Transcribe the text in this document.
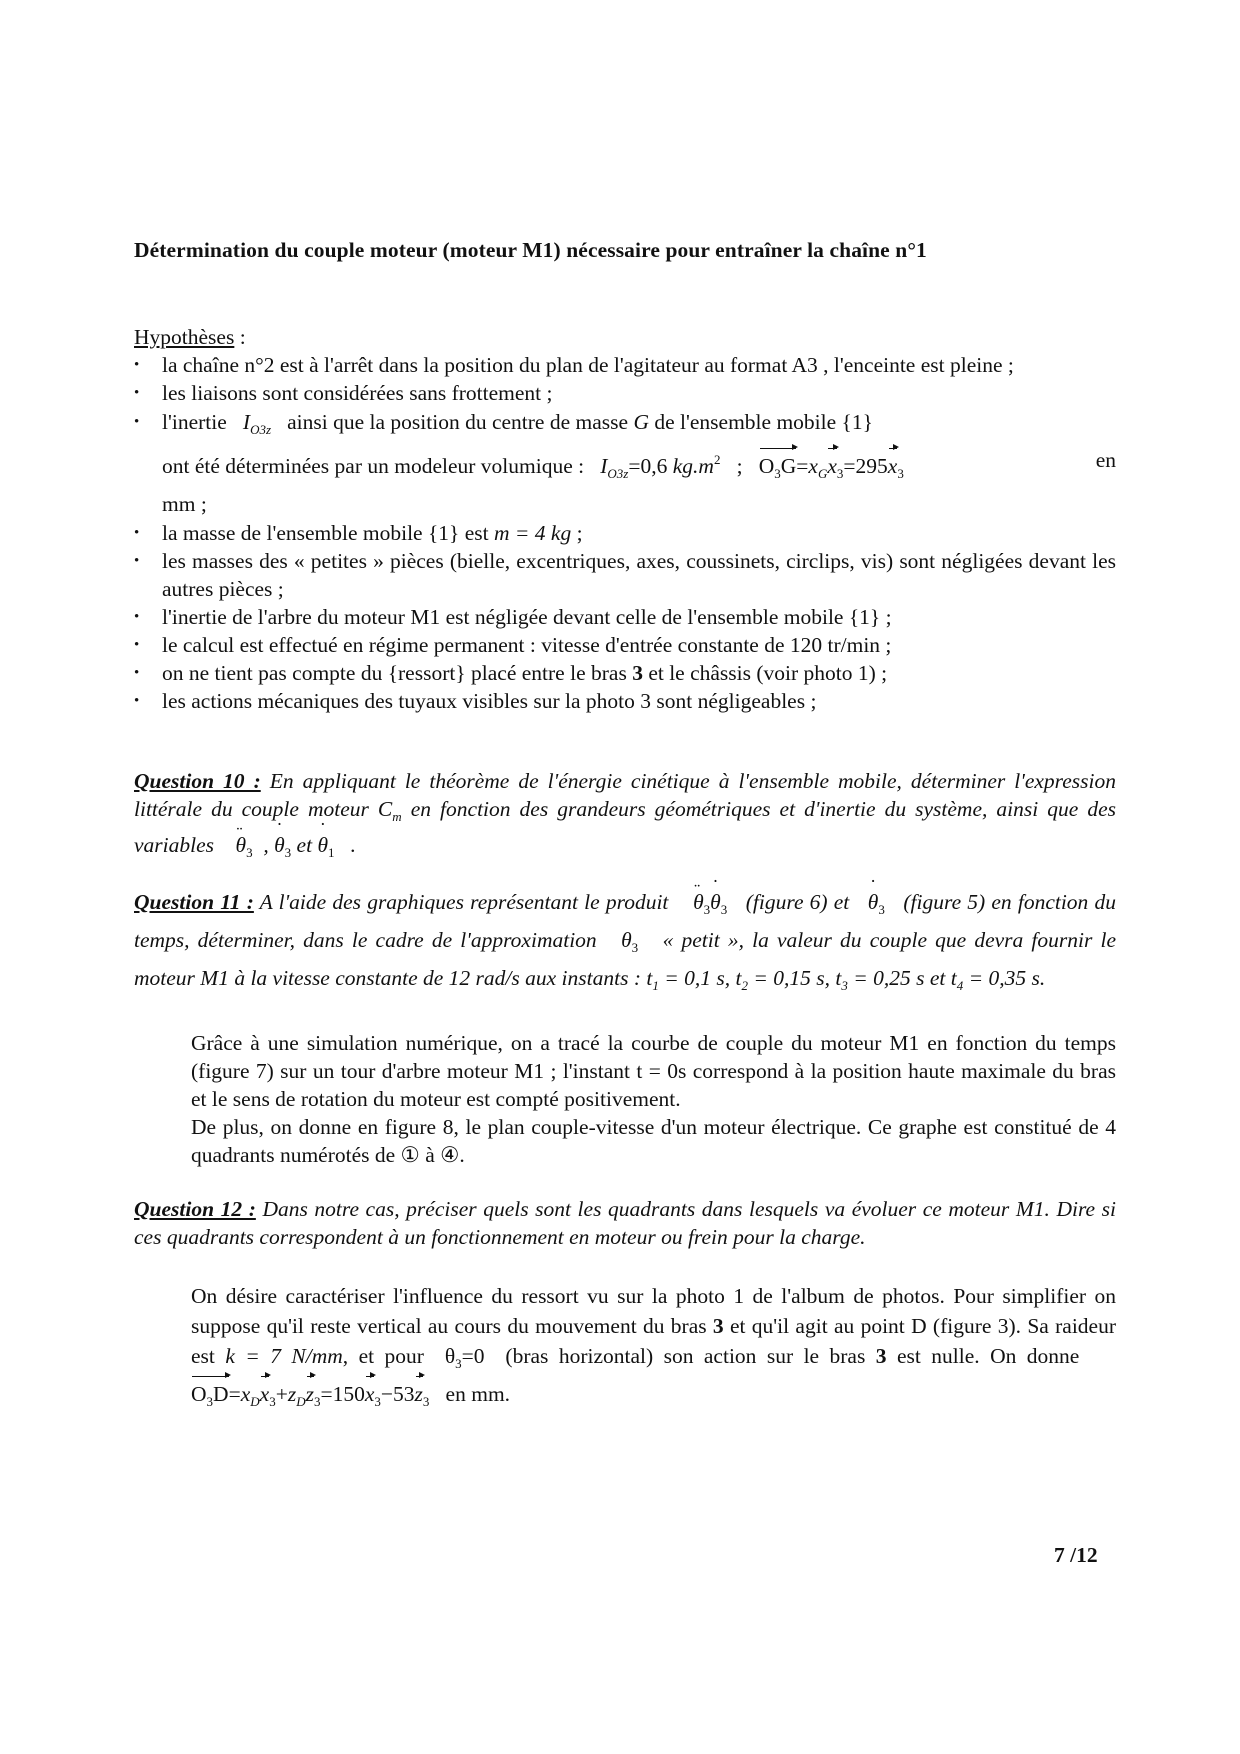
Détermination du couple moteur (moteur M1) nécessaire pour entraîner la chaîne n°1
Hypothèses :
• la chaîne n°2 est à l'arrêt dans la position du plan de l'agitateur au format A3 , l'enceinte est pleine ;
• les liaisons sont considérées sans frottement ;
• l'inertie $I_{O3z}$ ainsi que la position du centre de masse G de l'ensemble mobile {1}
ont été déterminées par un modeleur volumique : $I_{O3z}=0,6$ $kg.m^2$   ;   $O_3G=x_Gx_3=295x_3$
en

mm ;
• la masse de l'ensemble mobile {1} est m = 4 kg ;
• les masses des « petites » pièces (bielle, excentriques, axes, coussinets, circlips, vis) sont négligées devant les autres pièces ;
• l'inertie de l'arbre du moteur M1 est négligée devant celle de l'ensemble mobile {1} ;
• le calcul est effectué en régime permanent : vitesse d'entrée constante de 120 tr/min ;
• on ne tient pas compte du {ressort} placé entre le bras 3 et le châssis (voir photo 1) ;
• les actions mécaniques des tuyaux visibles sur la photo 3 sont négligeables ;
Question 10 : En appliquant le théorème de l'énergie cinétique à l'ensemble mobile, déterminer l'expression littérale du couple moteur $C_m$ en fonction des grandeurs géométriques et d'inertie du système, ainsi que des variables ¨ $\theta_3$  , ˙ $\theta_3$ et ˙ $\theta_1$   .
Question 11 : A l'aide des graphiques représentant le produit ¨ $\theta_3˙$ $\theta_3$ (figure 6) et ˙ $\theta_3$ (figure 5) en fonction du temps, déterminer, dans le cadre de l'approximation   $\theta_3$ « petit », la valeur du couple que devra fournir le moteur M1 à la vitesse constante de 12 rad/s aux instants : $t_1 = 0,1$ s, $t_2 = 0,15$ s, $t_3 = 0,25$ s et $t_4 = 0,35$ s.
Grâce à une simulation numérique, on a tracé la courbe de couple du moteur M1 en fonction du temps (figure 7) sur un tour d'arbre moteur M1 ; l'instant t = 0s correspond à la position haute maximale du bras et le sens de rotation du moteur est compté positivement.
De plus, on donne en figure 8, le plan couple-vitesse d'un moteur électrique. Ce graphe est constitué de 4 quadrants numérotés de ① à ④.
Question 12 : Dans notre cas, préciser quels sont les quadrants dans lesquels va évoluer ce moteur M1. Dire si ces quadrants correspondent à un fonctionnement en moteur ou frein pour la charge.
On désire caractériser l'influence du ressort vu sur la photo 1 de l'album de photos. Pour simplifier on suppose qu'il reste vertical au cours du mouvement du bras 3 et qu'il agit au point D (figure 3). Sa raideur est k = 7 N/mm, et pour $\theta_3=0$ (bras horizontal) son action sur le bras 3 est nulle. On donne    $O_3D=x_Dx_3+z_Dz_3=150x_3-53z_3$ en mm.
7 /12
